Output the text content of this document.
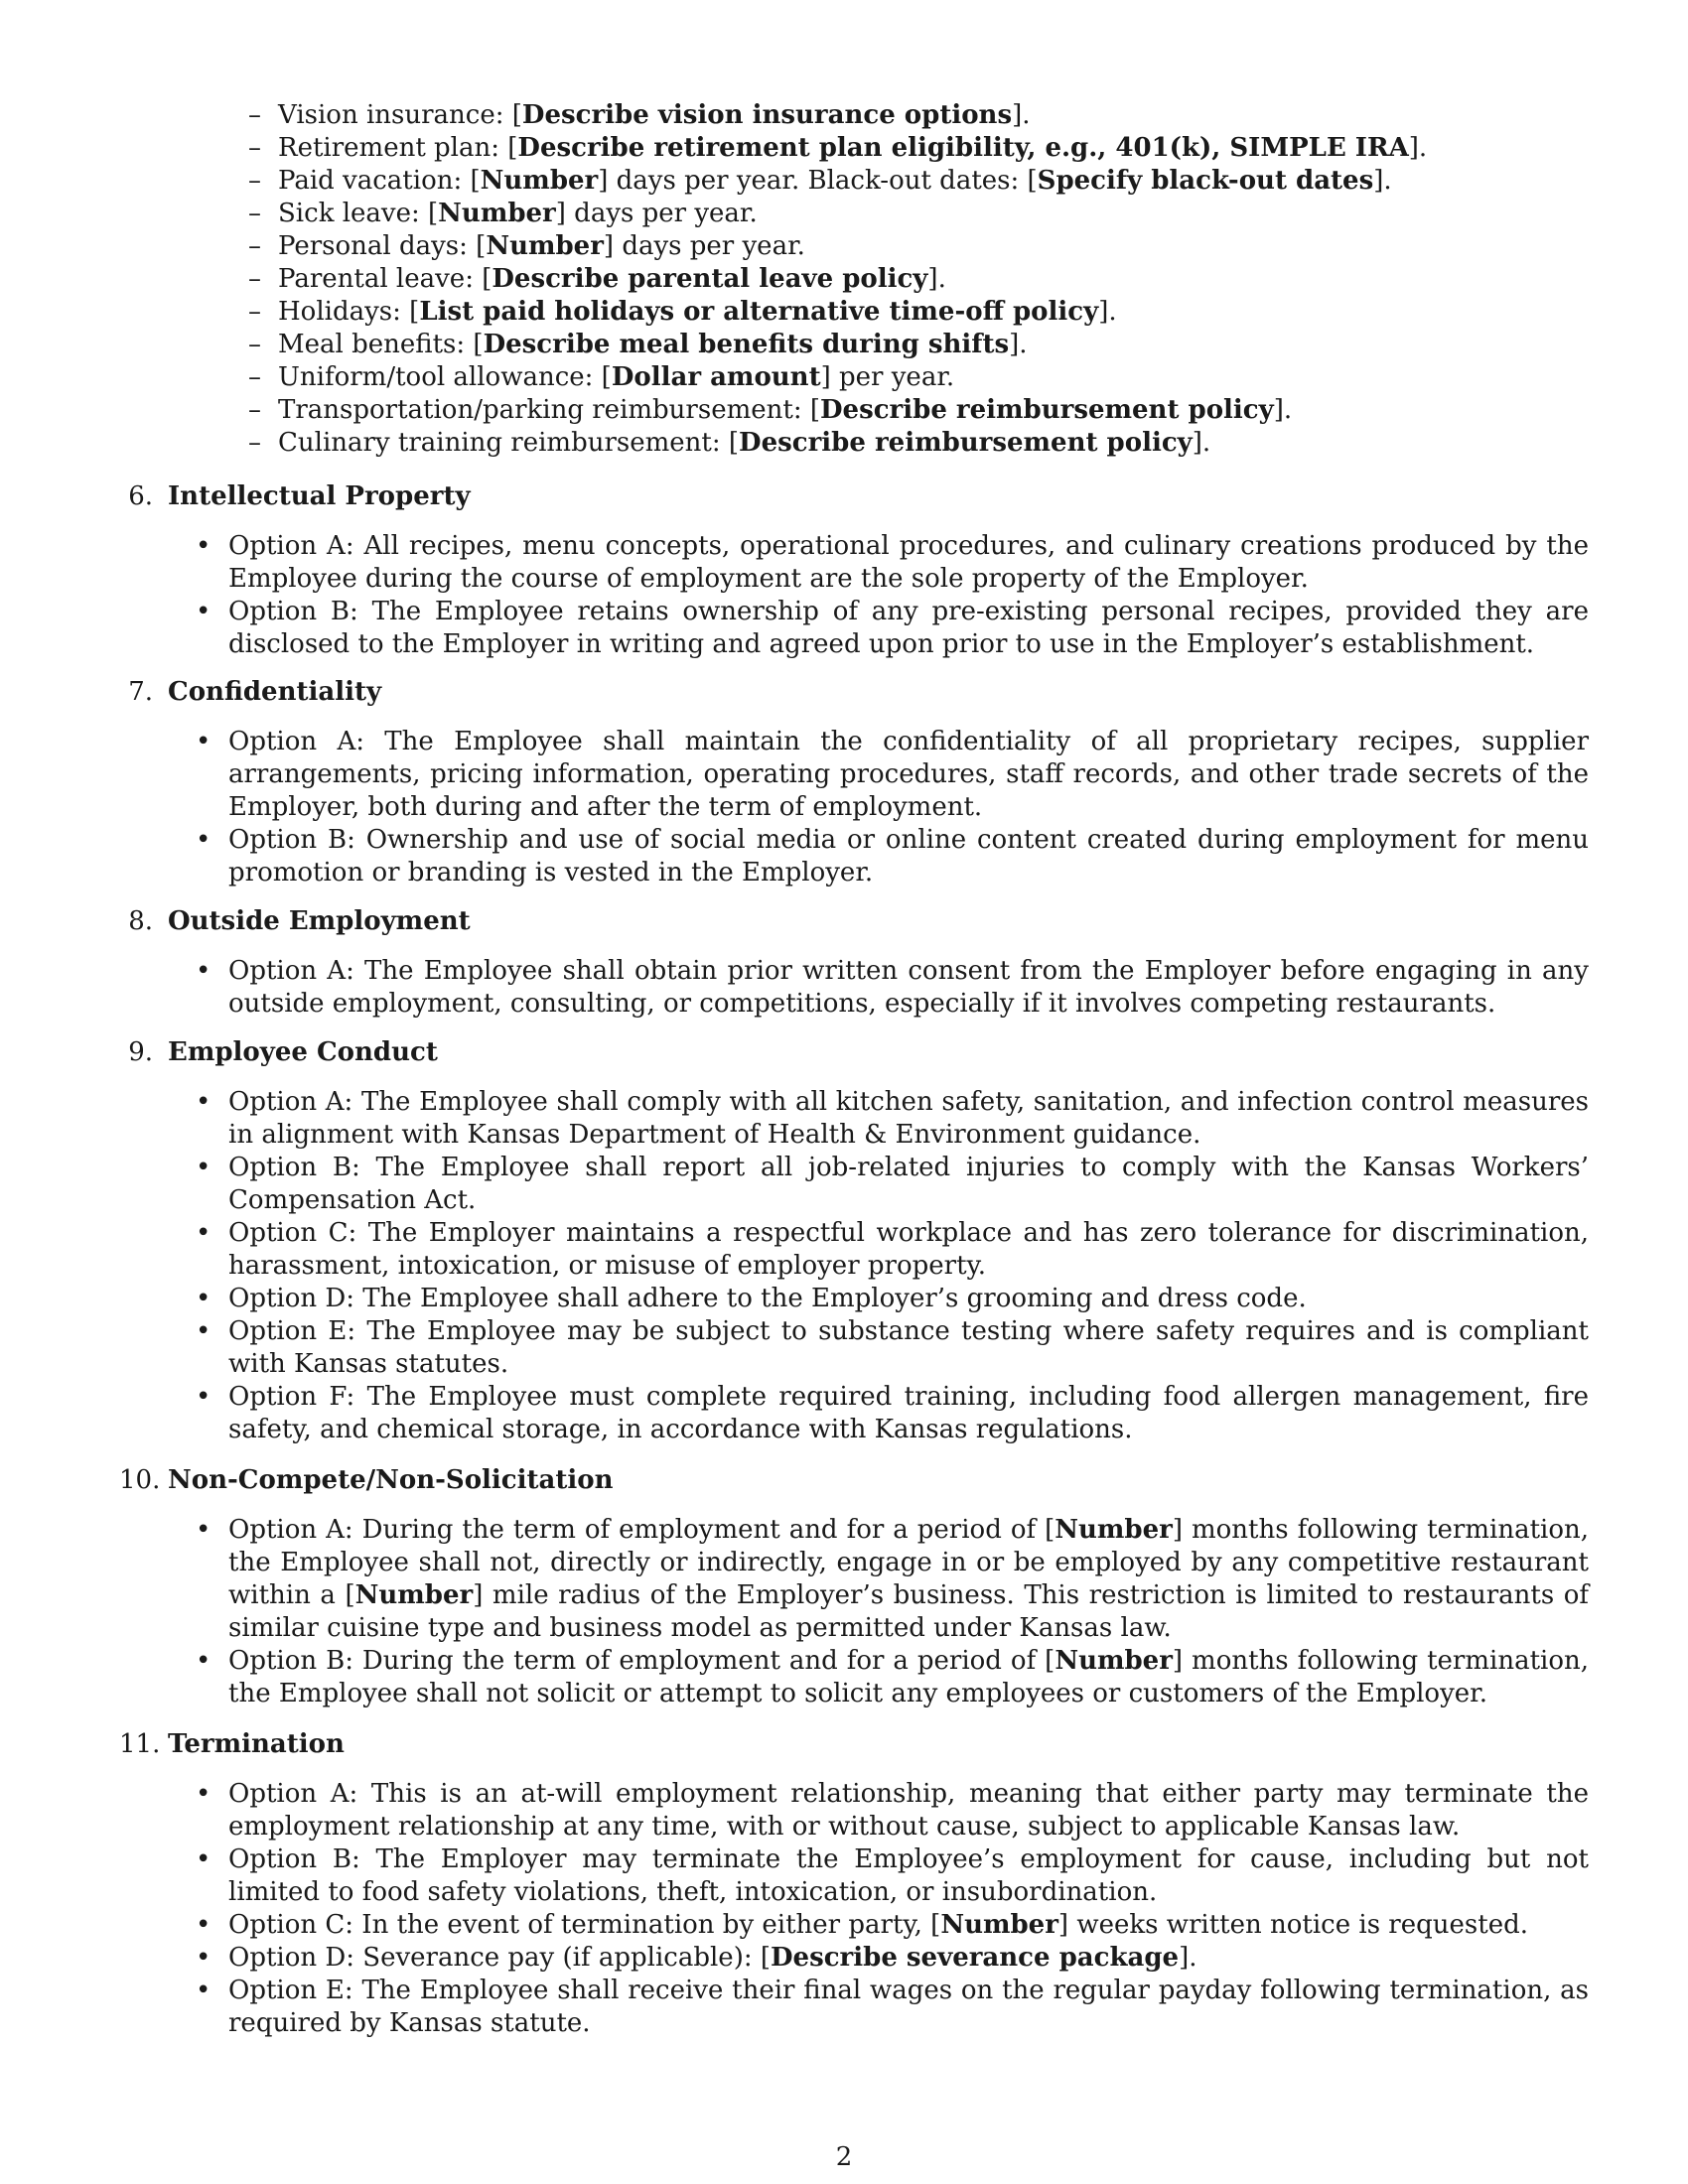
– Vision insurance: [Describe vision insurance options].
– Retirement plan: [Describe retirement plan eligibility, e.g., 401(k), SIMPLE IRA].
– Paid vacation: [Number] days per year. Black-out dates: [Specify black-out dates].
– Sick leave: [Number] days per year.
– Personal days: [Number] days per year.
– Parental leave: [Describe parental leave policy].
– Holidays: [List paid holidays or alternative time-off policy].
– Meal benefits: [Describe meal benefits during shifts].
– Uniform/tool allowance: [Dollar amount] per year.
– Transportation/parking reimbursement: [Describe reimbursement policy].
– Culinary training reimbursement: [Describe reimbursement policy].
6. Intellectual Property
• Option A: All recipes, menu concepts, operational procedures, and culinary creations produced by the Employee during the course of employment are the sole property of the Employer.
• Option B: The Employee retains ownership of any pre-existing personal recipes, provided they are disclosed to the Employer in writing and agreed upon prior to use in the Employer’s establishment.
7. Confidentiality
• Option A: The Employee shall maintain the confidentiality of all proprietary recipes, supplier arrangements, pricing information, operating procedures, staff records, and other trade secrets of the Employer, both during and after the term of employment.
• Option B: Ownership and use of social media or online content created during employment for menu promotion or branding is vested in the Employer.
8. Outside Employment
• Option A: The Employee shall obtain prior written consent from the Employer before engaging in any outside employment, consulting, or competitions, especially if it involves competing restaurants.
9. Employee Conduct
• Option A: The Employee shall comply with all kitchen safety, sanitation, and infection control measures in alignment with Kansas Department of Health & Environment guidance.
• Option B: The Employee shall report all job-related injuries to comply with the Kansas Workers’ Compensation Act.
• Option C: The Employer maintains a respectful workplace and has zero tolerance for discrimination, harassment, intoxication, or misuse of employer property.
• Option D: The Employee shall adhere to the Employer’s grooming and dress code.
• Option E: The Employee may be subject to substance testing where safety requires and is compliant with Kansas statutes.
• Option F: The Employee must complete required training, including food allergen management, fire safety, and chemical storage, in accordance with Kansas regulations.
10. Non-Compete/Non-Solicitation
• Option A: During the term of employment and for a period of [Number] months following termination, the Employee shall not, directly or indirectly, engage in or be employed by any competitive restaurant within a [Number] mile radius of the Employer’s business. This restriction is limited to restaurants of similar cuisine type and business model as permitted under Kansas law.
• Option B: During the term of employment and for a period of [Number] months following termination, the Employee shall not solicit or attempt to solicit any employees or customers of the Employer.
11. Termination
• Option A: This is an at-will employment relationship, meaning that either party may terminate the employment relationship at any time, with or without cause, subject to applicable Kansas law.
• Option B: The Employer may terminate the Employee’s employment for cause, including but not limited to food safety violations, theft, intoxication, or insubordination.
• Option C: In the event of termination by either party, [Number] weeks written notice is requested.
• Option D: Severance pay (if applicable): [Describe severance package].
• Option E: The Employee shall receive their final wages on the regular payday following termination, as required by Kansas statute.
2
